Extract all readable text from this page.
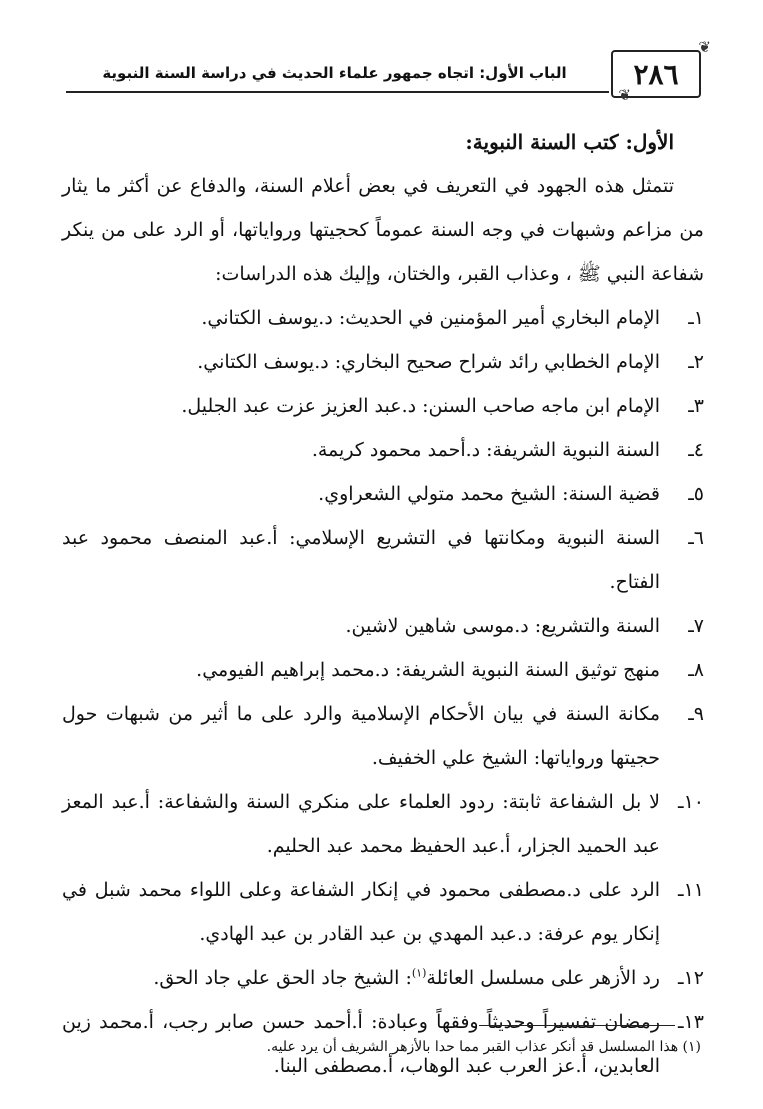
٢٨٦
❦
❦
الباب الأول: اتجاه جمهور علماء الحديث في دراسة السنة النبوية

الأول: كتب السنة النبوية:

تتمثل هذه الجهود في التعريف في بعض أعلام السنة، والدفاع عن أكثر ما يثار من مزاعم وشبهات في وجه السنة عموماً كحجيتها ورواياتها، أو الرد على من ينكر شفاعة النبي ﷺ ، وعذاب القبر، والختان، وإليك هذه الدراسات:

١ـ
الإمام البخاري أمير المؤمنين في الحديث: د.يوسف الكتاني.
٢ـ
الإمام الخطابي رائد شراح صحيح البخاري: د.يوسف الكتاني.
٣ـ
الإمام ابن ماجه صاحب السنن: د.عبد العزيز عزت عبد الجليل.
٤ـ
السنة النبوية الشريفة: د.أحمد محمود كريمة.
٥ـ
قضية السنة: الشيخ محمد متولي الشعراوي.
٦ـ
السنة النبوية ومكانتها في التشريع الإسلامي: أ.عبد المنصف محمود عبد الفتاح.
٧ـ
السنة والتشريع: د.موسى شاهين لاشين.
٨ـ
منهج توثيق السنة النبوية الشريفة: د.محمد إبراهيم الفيومي.
٩ـ
مكانة السنة في بيان الأحكام الإسلامية والرد على ما أثير من شبهات حول حجيتها ورواياتها: الشيخ علي الخفيف.
١٠ـ
لا بل الشفاعة ثابتة: ردود العلماء على منكري السنة والشفاعة: أ.عبد المعز عبد الحميد الجزار، أ.عبد الحفيظ محمد عبد الحليم.
١١ـ
الرد على د.مصطفى محمود في إنكار الشفاعة وعلى اللواء محمد شبل في إنكار يوم عرفة: د.عبد المهدي بن عبد القادر بن عبد الهادي.
١٢ـ
رد الأزهر على مسلسل العائلة$^{(١)}$: الشيخ جاد الحق علي جاد الحق.
١٣ـ
رمضان تفسيراً وحديثاً وفقهاً وعبادة: أ.أحمد حسن صابر رجب، أ.محمد زين العابدين، أ.عز العرب عبد الوهاب، أ.مصطفى البنا.
(١) هذا المسلسل قد أنكر عذاب القبر مما حدا بالأزهر الشريف أن يرد عليه.
